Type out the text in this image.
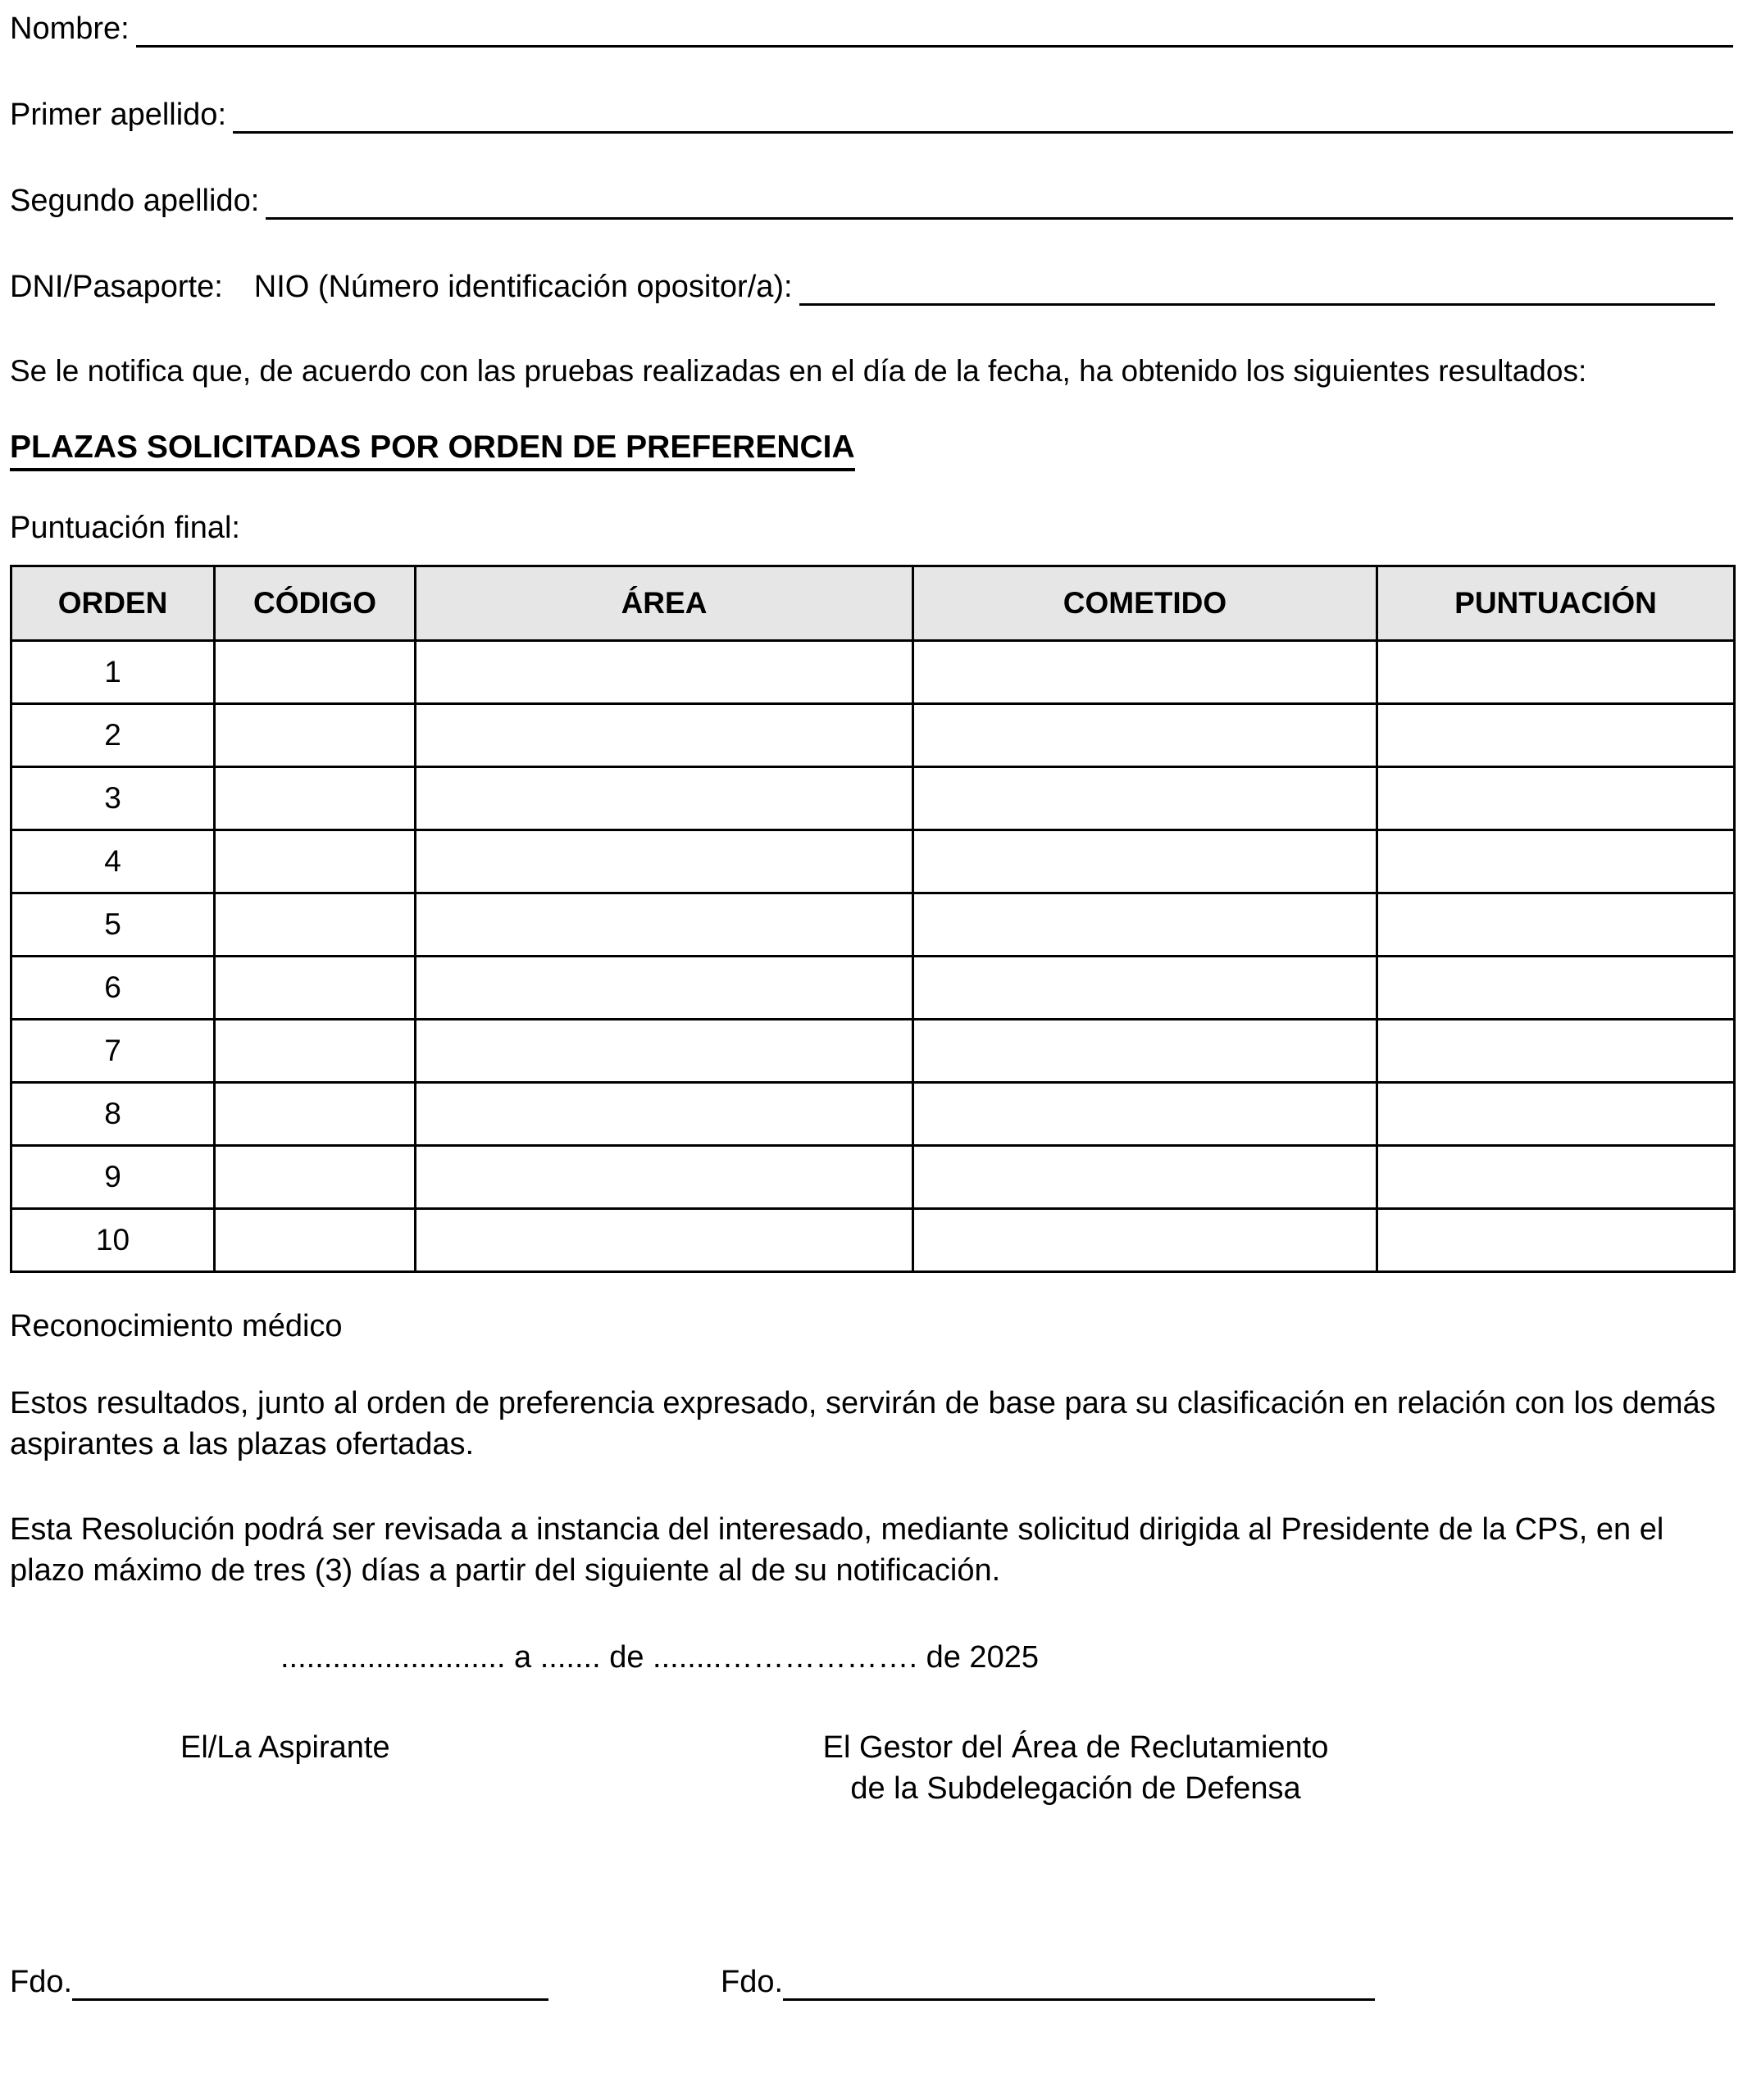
Nombre:
Primer apellido:
Segundo apellido:
DNI/Pasaporte: NIO (Número identificación opositor/a):
Se le notifica que, de acuerdo con las pruebas realizadas en el día de la fecha, ha obtenido los siguientes resultados:
PLAZAS SOLICITADAS POR ORDEN DE PREFERENCIA
Puntuación final:
ORDEN	CÓDIGO	ÁREA	COMETIDO	PUNTUACIÓN
1				
2				
3				
4				
5				
6				
7				
8				
9				
10				
Reconocimiento médico
Estos resultados, junto al orden de preferencia expresado, servirán de base para su clasificación en relación con los demás aspirantes a las plazas ofertadas.
Esta Resolución podrá ser revisada a instancia del interesado, mediante solicitud dirigida al Presidente de la CPS, en el plazo máximo de tres (3) días a partir del siguiente al de su notificación.
.......................... a ....... de ........………………. de 2025
El/La Aspirante	El Gestor del Área de Reclutamiento
de la Subdelegación de Defensa
Fdo.	Fdo.
